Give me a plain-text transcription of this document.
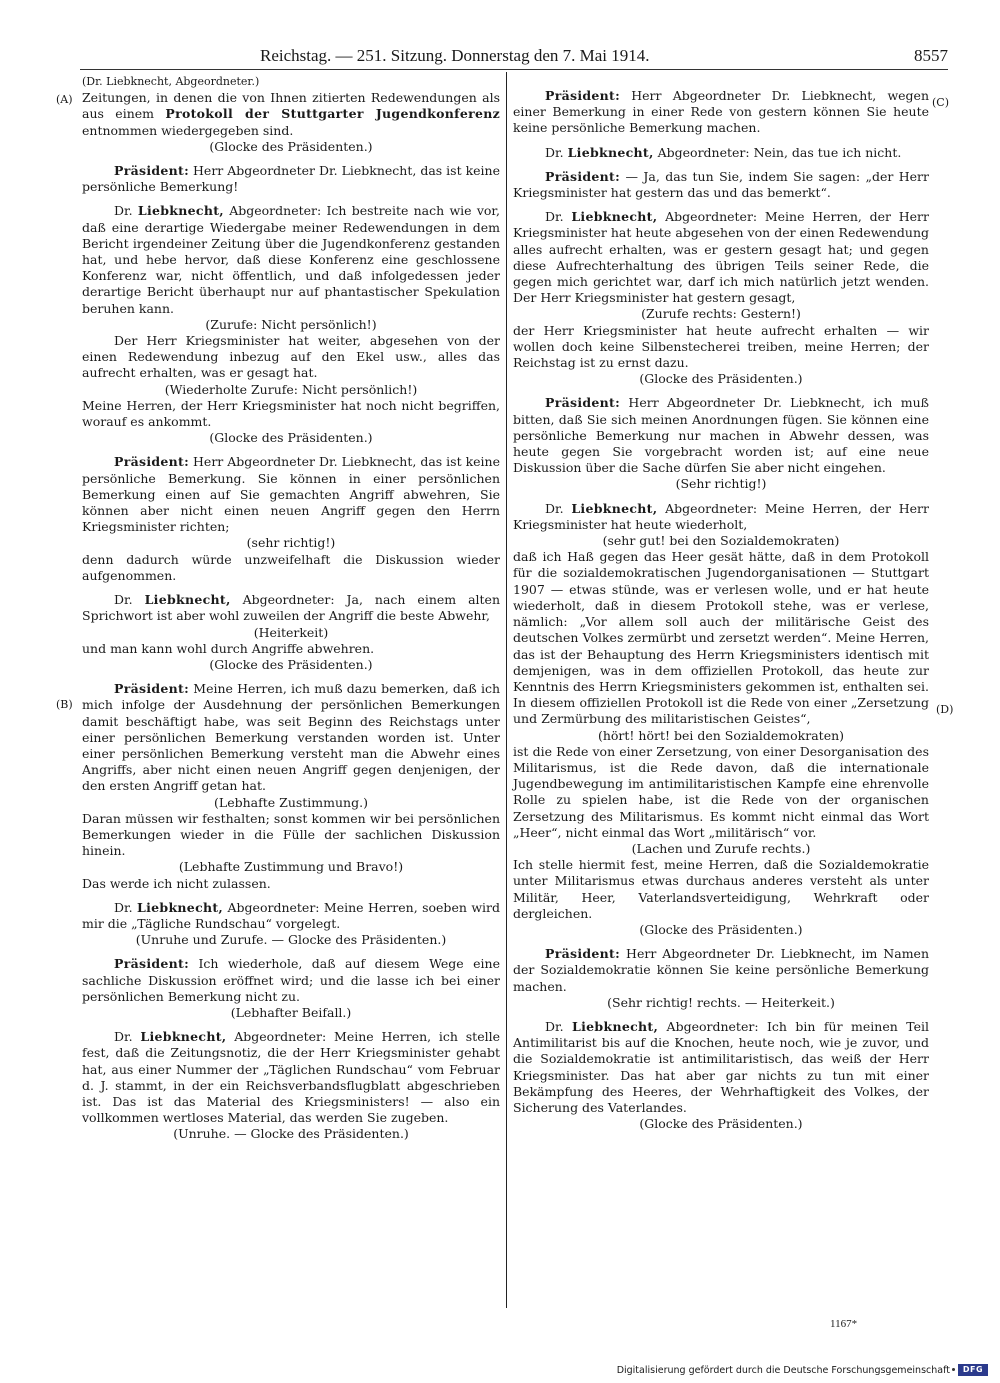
Reichstag. — 251. Sitzung. Donnerstag den 7. Mai 1914.	8557
(A)
(B)
(C)
(D)

(Dr. Liebknecht, Abgeordneter.)

Zeitungen, in denen die von Ihnen zitierten Redewendungen als aus einem Protokoll der Stuttgarter Jugendkonferenz entnommen wiedergegeben sind.

(Glocke des Präsidenten.)

Präsident: Herr Abgeordneter Dr. Liebknecht, das ist keine persönliche Bemerkung!

Dr. Liebknecht, Abgeordneter: Ich bestreite nach wie vor, daß eine derartige Wiedergabe meiner Redewendungen in dem Bericht irgendeiner Zeitung über die Jugendkonferenz gestanden hat, und hebe hervor, daß diese Konferenz eine geschlossene Konferenz war, nicht öffentlich, und daß infolgedessen jeder derartige Bericht überhaupt nur auf phantastischer Spekulation beruhen kann.

(Zurufe: Nicht persönlich!)

Der Herr Kriegsminister hat weiter, abgesehen von der einen Redewendung inbezug auf den Ekel usw., alles das aufrecht erhalten, was er gesagt hat.

(Wiederholte Zurufe: Nicht persönlich!)

Meine Herren, der Herr Kriegsminister hat noch nicht begriffen, worauf es ankommt.

(Glocke des Präsidenten.)

Präsident: Herr Abgeordneter Dr. Liebknecht, das ist keine persönliche Bemerkung. Sie können in einer persönlichen Bemerkung einen auf Sie gemachten Angriff abwehren, Sie können aber nicht einen neuen Angriff gegen den Herrn Kriegsminister richten;

(sehr richtig!)

denn dadurch würde unzweifelhaft die Diskussion wieder aufgenommen.

Dr. Liebknecht, Abgeordneter: Ja, nach einem alten Sprichwort ist aber wohl zuweilen der Angriff die beste Abwehr,

(Heiterkeit)

und man kann wohl durch Angriffe abwehren.

(Glocke des Präsidenten.)

Präsident: Meine Herren, ich muß dazu bemerken, daß ich mich infolge der Ausdehnung der persönlichen Bemerkungen damit beschäftigt habe, was seit Beginn des Reichstags unter einer persönlichen Bemerkung verstanden worden ist. Unter einer persönlichen Bemerkung versteht man die Abwehr eines Angriffs, aber nicht einen neuen Angriff gegen denjenigen, der den ersten Angriff getan hat.

(Lebhafte Zustimmung.)

Daran müssen wir festhalten; sonst kommen wir bei persönlichen Bemerkungen wieder in die Fülle der sachlichen Diskussion hinein.

(Lebhafte Zustimmung und Bravo!)

Das werde ich nicht zulassen.

Dr. Liebknecht, Abgeordneter: Meine Herren, soeben wird mir die „Tägliche Rundschau“ vorgelegt.

(Unruhe und Zurufe. — Glocke des Präsidenten.)

Präsident: Ich wiederhole, daß auf diesem Wege eine sachliche Diskussion eröffnet wird; und die lasse ich bei einer persönlichen Bemerkung nicht zu.

(Lebhafter Beifall.)

Dr. Liebknecht, Abgeordneter: Meine Herren, ich stelle fest, daß die Zeitungsnotiz, die der Herr Kriegsminister gehabt hat, aus einer Nummer der „Täglichen Rundschau“ vom Februar d. J. stammt, in der ein Reichsverbandsflugblatt abgeschrieben ist. Das ist das Material des Kriegsministers! — also ein vollkommen wertloses Material, das werden Sie zugeben.

(Unruhe. — Glocke des Präsidenten.)

Präsident: Herr Abgeordneter Dr. Liebknecht, wegen einer Bemerkung in einer Rede von gestern können Sie heute keine persönliche Bemerkung machen.

Dr. Liebknecht, Abgeordneter: Nein, das tue ich nicht.

Präsident: — Ja, das tun Sie, indem Sie sagen: „der Herr Kriegsminister hat gestern das und das bemerkt“.

Dr. Liebknecht, Abgeordneter: Meine Herren, der Herr Kriegsminister hat heute abgesehen von der einen Redewendung alles aufrecht erhalten, was er gestern gesagt hat; und gegen diese Aufrechterhaltung des übrigen Teils seiner Rede, die gegen mich gerichtet war, darf ich mich natürlich jetzt wenden. Der Herr Kriegsminister hat gestern gesagt,

(Zurufe rechts: Gestern!)

der Herr Kriegsminister hat heute aufrecht erhalten — wir wollen doch keine Silbenstecherei treiben, meine Herren; der Reichstag ist zu ernst dazu.

(Glocke des Präsidenten.)

Präsident: Herr Abgeordneter Dr. Liebknecht, ich muß bitten, daß Sie sich meinen Anordnungen fügen. Sie können eine persönliche Bemerkung nur machen in Abwehr dessen, was heute gegen Sie vorgebracht worden ist; auf eine neue Diskussion über die Sache dürfen Sie aber nicht eingehen.

(Sehr richtig!)

Dr. Liebknecht, Abgeordneter: Meine Herren, der Herr Kriegsminister hat heute wiederholt,

(sehr gut! bei den Sozialdemokraten)

daß ich Haß gegen das Heer gesät hätte, daß in dem Protokoll für die sozialdemokratischen Jugendorganisationen — Stuttgart 1907 — etwas stünde, was er verlesen wolle, und er hat heute wiederholt, daß in diesem Protokoll stehe, was er verlese, nämlich: „Vor allem soll auch der militärische Geist des deutschen Volkes zermürbt und zersetzt werden“. Meine Herren, das ist der Behauptung des Herrn Kriegsministers identisch mit demjenigen, was in dem offiziellen Protokoll, das heute zur Kenntnis des Herrn Kriegsministers gekommen ist, enthalten sei. In diesem offiziellen Protokoll ist die Rede von einer „Zersetzung und Zermürbung des militaristischen Geistes“,

(hört! hört! bei den Sozialdemokraten)

ist die Rede von einer Zersetzung, von einer Desorganisation des Militarismus, ist die Rede davon, daß die internationale Jugendbewegung im antimilitaristischen Kampfe eine ehrenvolle Rolle zu spielen habe, ist die Rede von der organischen Zersetzung des Militarismus. Es kommt nicht einmal das Wort „Heer“, nicht einmal das Wort „militärisch“ vor.

(Lachen und Zurufe rechts.)

Ich stelle hiermit fest, meine Herren, daß die Sozialdemokratie unter Militarismus etwas durchaus anderes versteht als unter Militär, Heer, Vaterlandsverteidigung, Wehrkraft oder dergleichen.

(Glocke des Präsidenten.)

Präsident: Herr Abgeordneter Dr. Liebknecht, im Namen der Sozialdemokratie können Sie keine persönliche Bemerkung machen.

(Sehr richtig! rechts. — Heiterkeit.)

Dr. Liebknecht, Abgeordneter: Ich bin für meinen Teil Antimilitarist bis auf die Knochen, heute noch, wie je zuvor, und die Sozialdemokratie ist antimilitaristisch, das weiß der Herr Kriegsminister. Das hat aber gar nichts zu tun mit einer Bekämpfung des Heeres, der Wehrhaftigkeit des Volkes, der Sicherung des Vaterlandes.

(Glocke des Präsidenten.)

1167*
Digitalisierung gefördert durch die Deutsche Forschungsgemeinschaft	DFG
